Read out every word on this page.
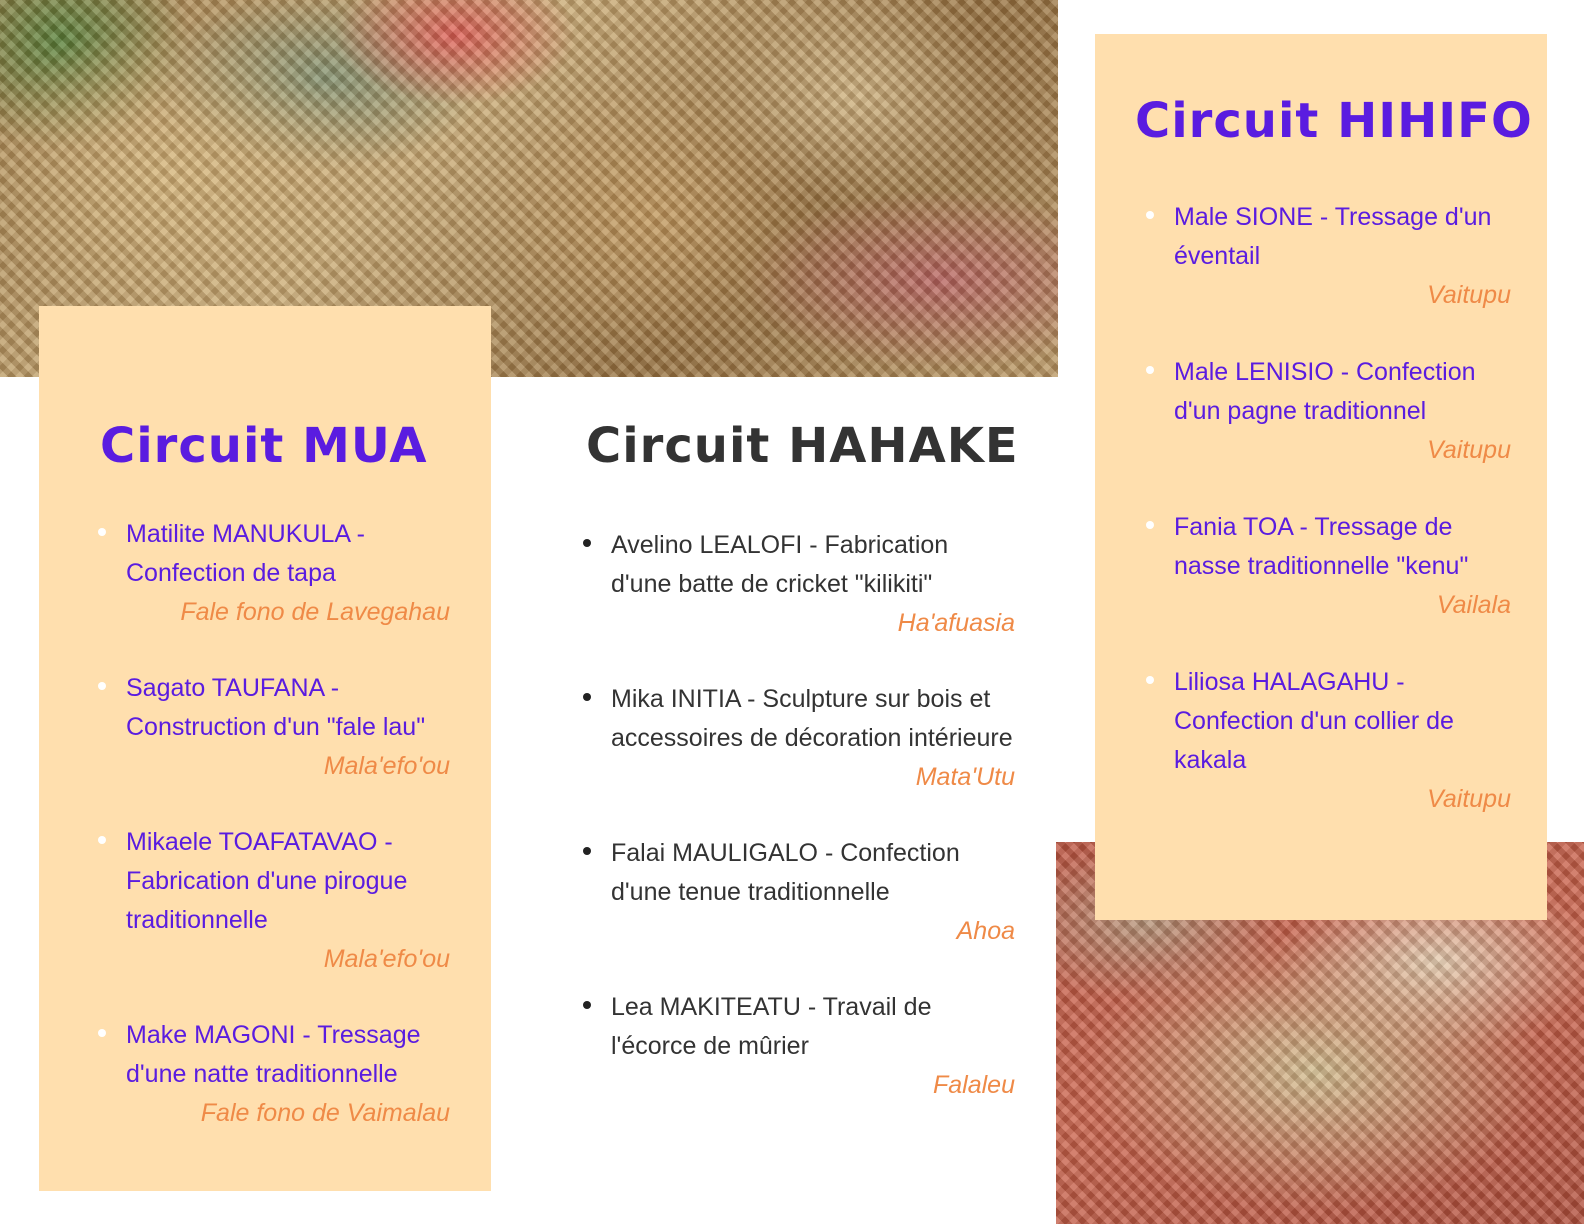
Circuit MUA
Matilite MANUKULA - Confection de tapa
Fale fono de Lavegahau
Sagato TAUFANA - Construction d'un "fale lau"
Mala'efo'ou
Mikaele TOAFATAVAO - Fabrication d'une pirogue traditionnelle
Mala'efo'ou
Make MAGONI - Tressage d'une natte traditionnelle
Fale fono de Vaimalau
Circuit HAHAKE
Avelino LEALOFI - Fabrication d'une batte de cricket "kilikiti"
Ha'afuasia
Mika INITIA - Sculpture sur bois et accessoires de décoration intérieure
Mata'Utu
Falai MAULIGALO - Confection d'une tenue traditionnelle
Ahoa
Lea MAKITEATU - Travail de l'écorce de mûrier
Falaleu
Circuit HIHIFO
Male SIONE - Tressage d'un éventail
Vaitupu
Male LENISIO - Confection d'un pagne traditionnel
Vaitupu
Fania TOA - Tressage de nasse traditionnelle "kenu"
Vailala
Liliosa HALAGAHU - Confection d'un collier de kakala
Vaitupu
